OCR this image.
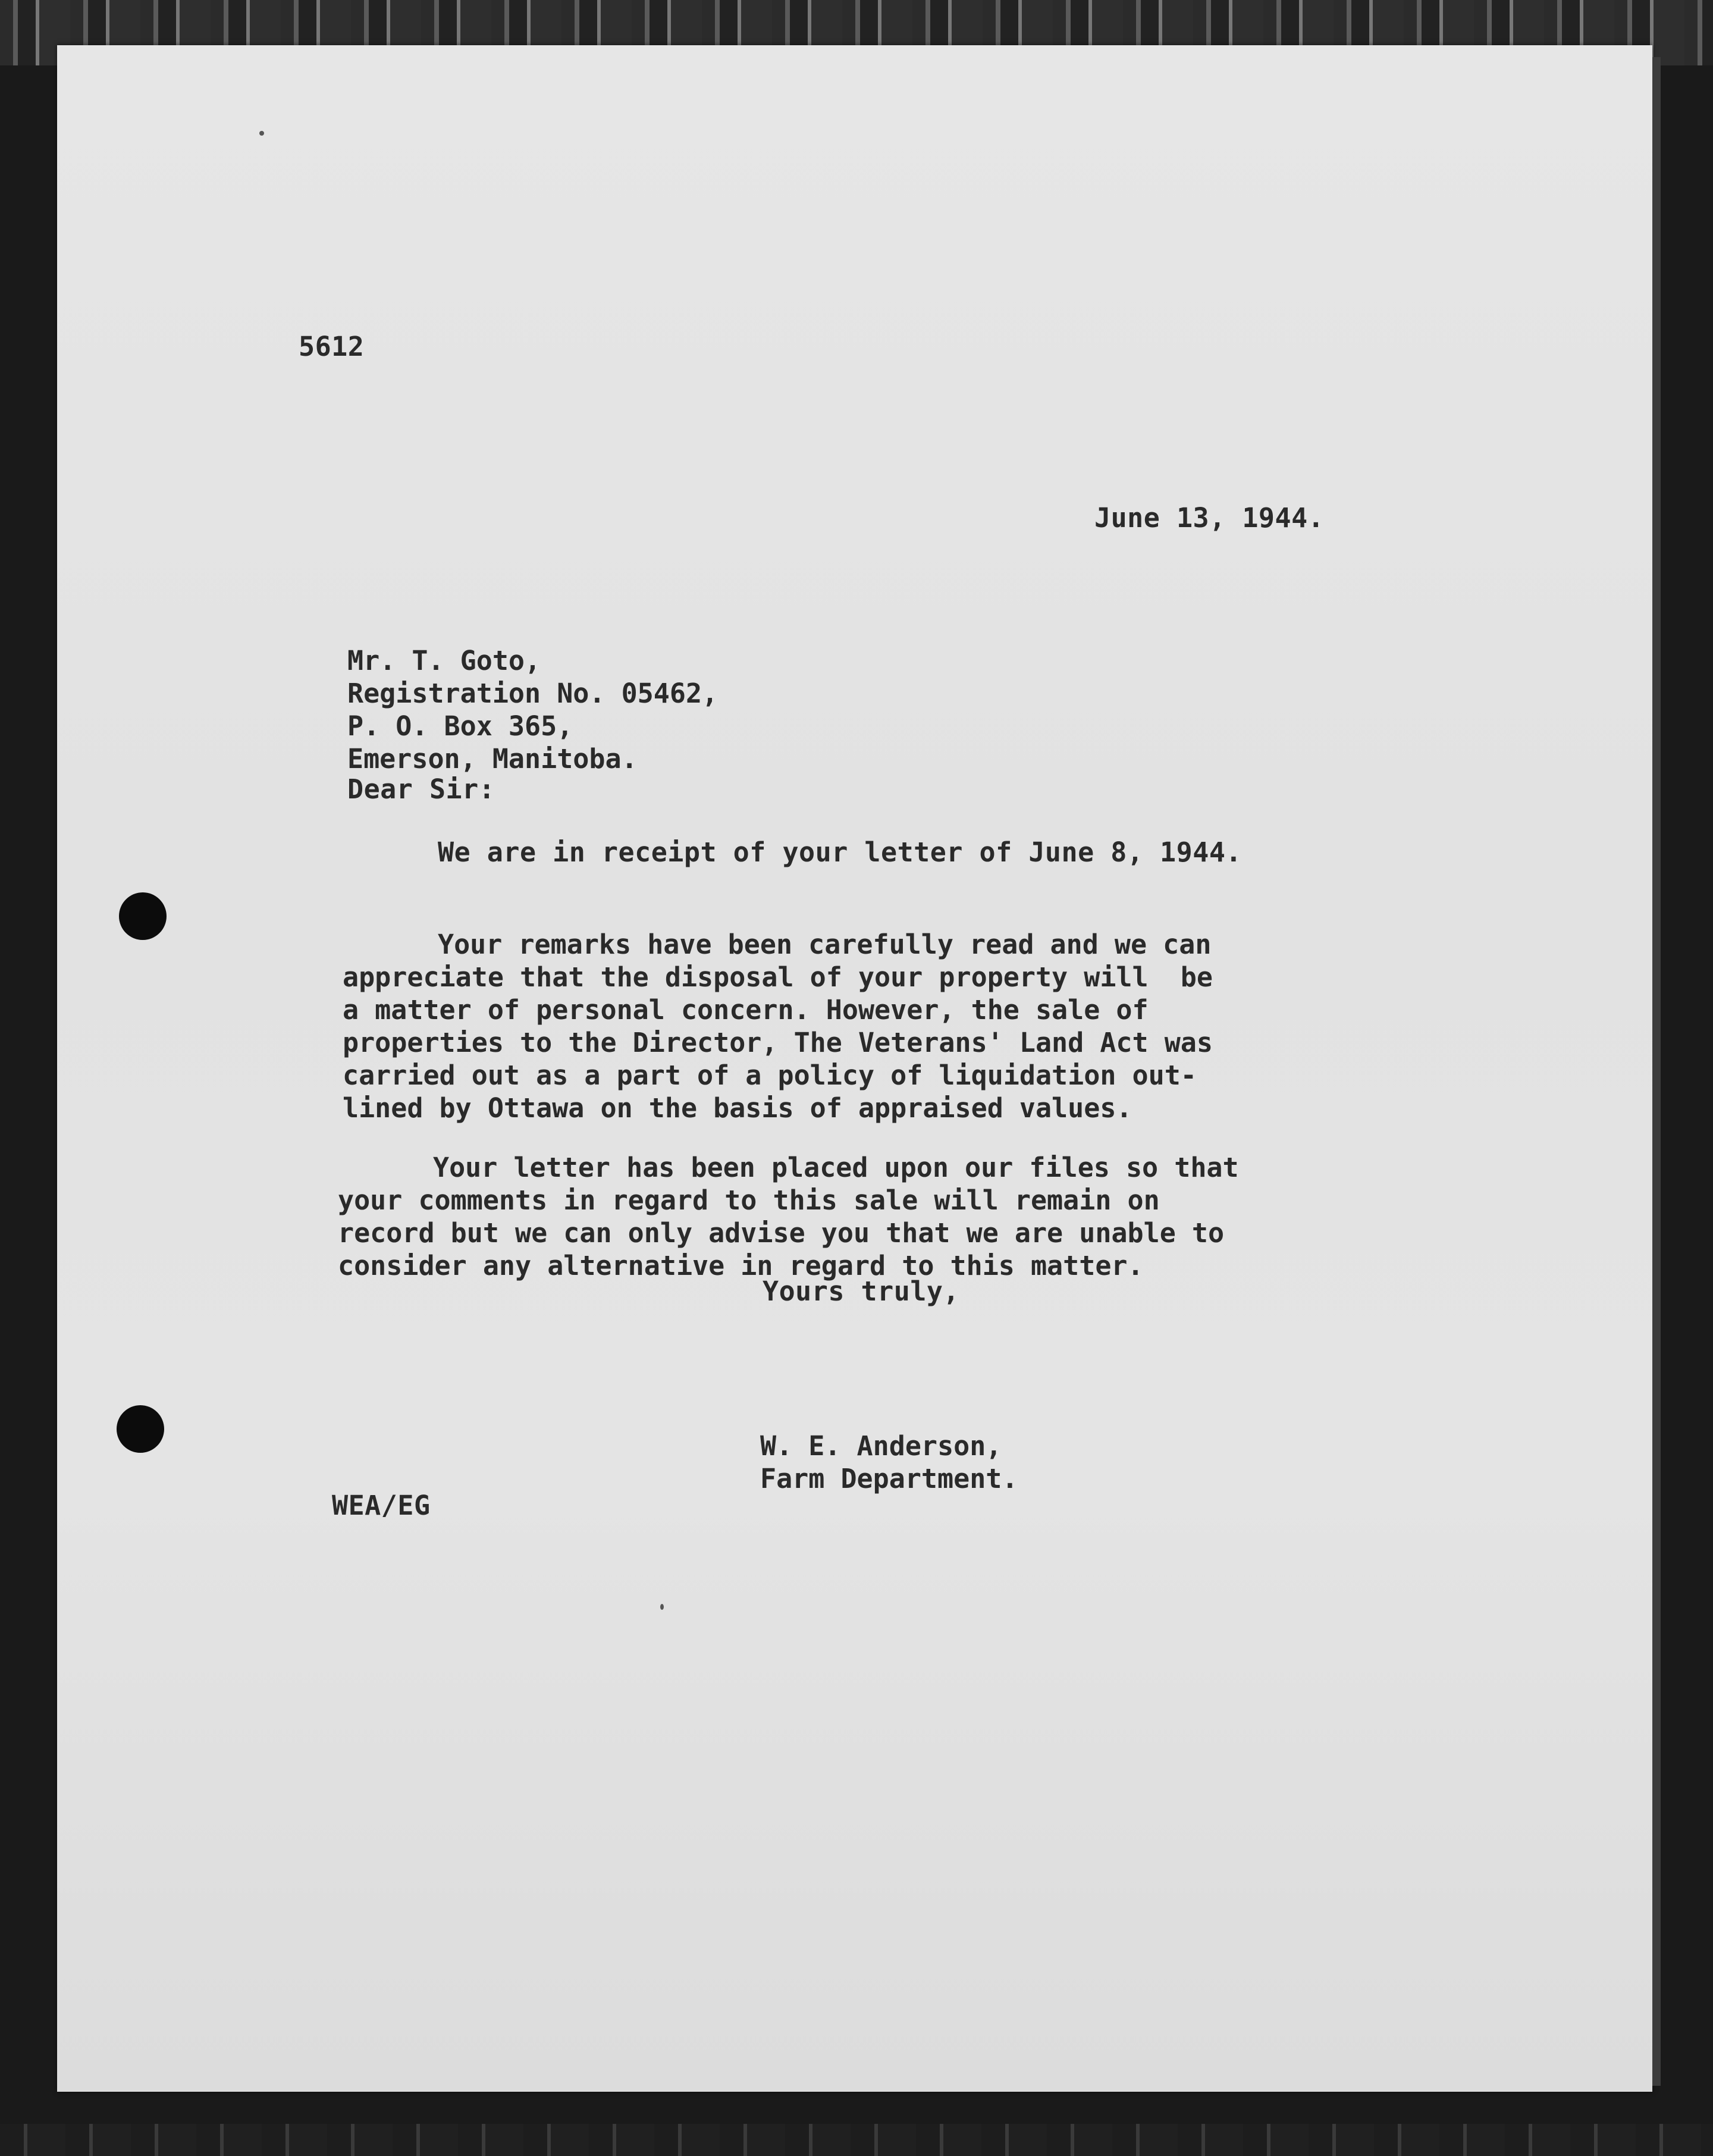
5612
June 13, 1944.

Mr. T. Goto,
Registration No. 05462,
P. O. Box 365,
Emerson, Manitoba.

Dear Sir:
We are in receipt of your letter of June 8, 1944.

Your remarks have been carefully read and we can
appreciate that the disposal of your property will  be
a matter of personal concern. However, the sale of
properties to the Director, The Veterans' Land Act was
carried out as a part of a policy of liquidation out-
lined by Ottawa on the basis of appraised values.

Your letter has been placed upon our files so that
your comments in regard to this sale will remain on
record but we can only advise you that we are unable to
consider any alternative in regard to this matter.

Yours truly,

W. E. Anderson,
Farm Department.

WEA/EG
